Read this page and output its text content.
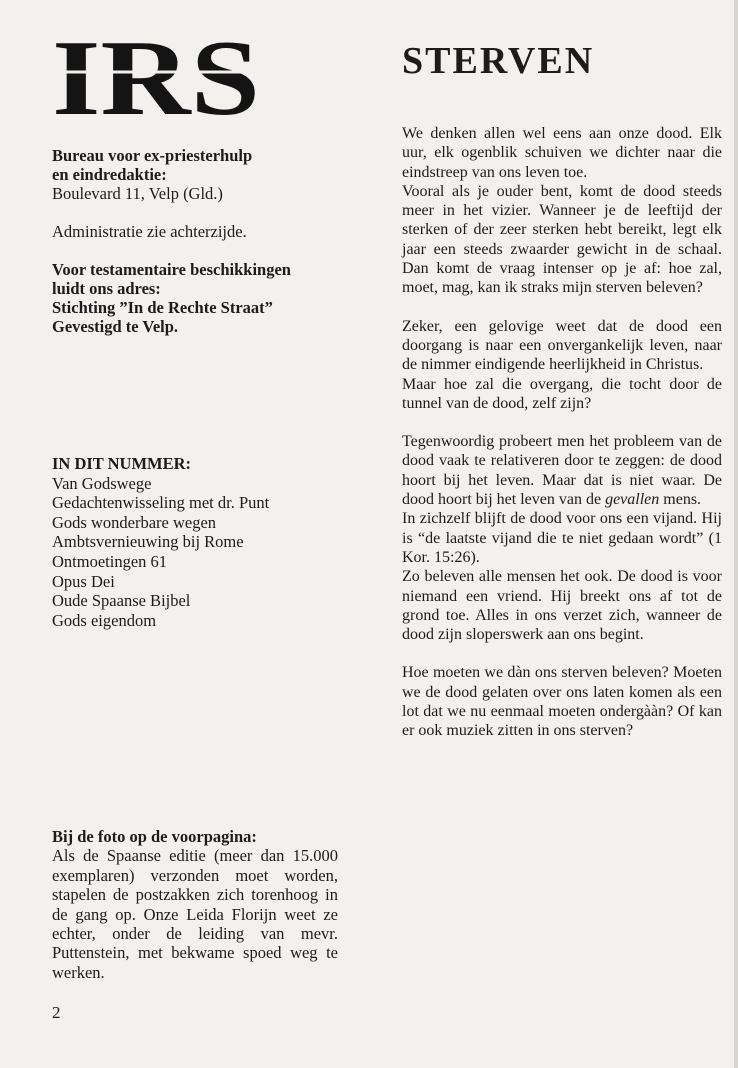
IRS

Bureau voor ex-priesterhulp

en eindredaktie:

Boulevard 11, Velp (Gld.)

Administratie zie achterzijde.

Voor testamentaire beschikkingen

luidt ons adres:

Stichting ”In de Rechte Straat”

Gevestigd te Velp.

IN DIT NUMMER:
Van Godswege
Gedachtenwisseling met dr. Punt
Gods wonderbare wegen
Ambtsvernieuwing bij Rome
Ontmoetingen 61
Opus Dei
Oude Spaanse Bijbel
Gods eigendom
Bij de foto op de voorpagina:
Als de Spaanse editie (meer dan 15.000 exemplaren) verzonden moet worden, stapelen de postzakken zich torenhoog in de gang op. Onze Leida Florijn weet ze echter, onder de leiding van mevr. Puttenstein, met bekwame spoed weg te werken.
2
STERVEN

We denken allen wel eens aan onze dood. Elk uur, elk ogenblik schuiven we dichter naar die eindstreep van ons leven toe.

Vooral als je ouder bent, komt de dood steeds meer in het vizier. Wanneer je de leeftijd der sterken of der zeer sterken hebt bereikt, legt elk jaar een steeds zwaarder gewicht in de schaal. Dan komt de vraag intenser op je af: hoe zal, moet, mag, kan ik straks mijn sterven beleven?

Zeker, een gelovige weet dat de dood een doorgang is naar een onvergankelijk leven, naar de nimmer eindigende heerlijkheid in Christus.

Maar hoe zal die overgang, die tocht door de tunnel van de dood, zelf zijn?

Tegenwoordig probeert men het probleem van de dood vaak te relativeren door te zeggen: de dood hoort bij het leven. Maar dat is niet waar. De dood hoort bij het leven van de gevallen mens.

In zichzelf blijft de dood voor ons een vijand. Hij is “de laatste vijand die te niet gedaan wordt” (1 Kor. 15:26).

Zo beleven alle mensen het ook. De dood is voor niemand een vriend. Hij breekt ons af tot de grond toe. Alles in ons verzet zich, wanneer de dood zijn sloperswerk aan ons begint.

Hoe moeten we dàn ons sterven beleven? Moeten we de dood gelaten over ons laten komen als een lot dat we nu eenmaal moeten ondergààn? Of kan er ook muziek zitten in ons sterven?
